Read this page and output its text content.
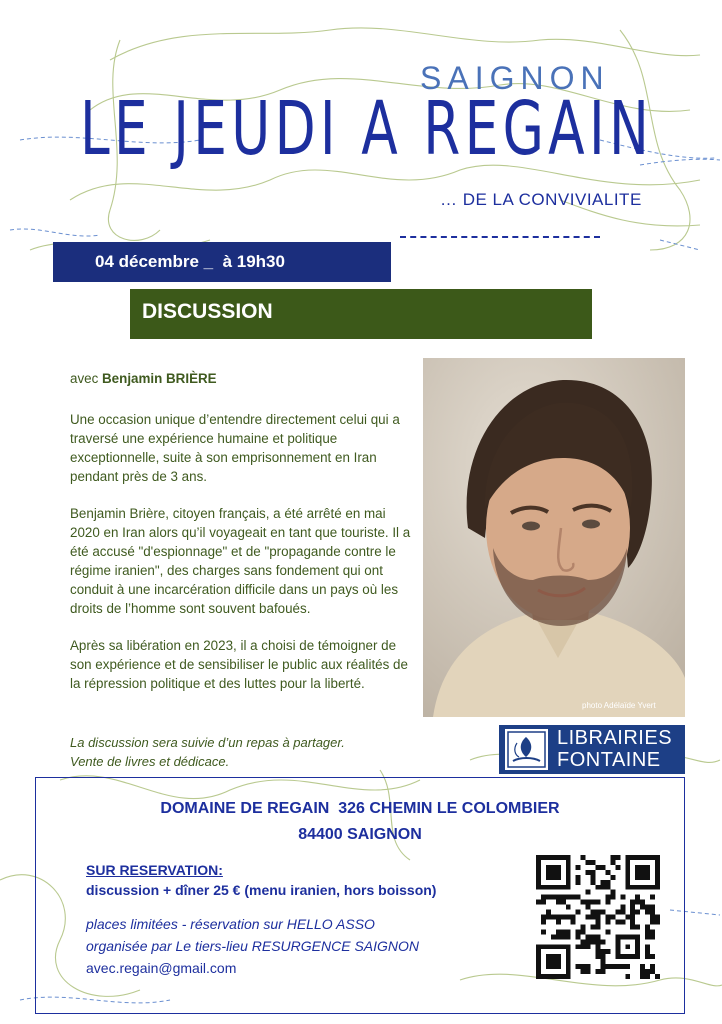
SAIGNON
LE JEUDI A REGAIN
… DE LA CONVIVIALITE
04 décembre _  à 19h30
DISCUSSION

avec Benjamin BRIÈRE

Une occasion unique d’entendre directement celui qui a traversé une expérience humaine et politique exceptionnelle, suite à son emprisonnement en Iran pendant près de 3 ans.

Benjamin Brière, citoyen français, a été arrêté en mai 2020 en Iran alors qu’il voyageait en tant que touriste. Il a été accusé "d'espionnage" et de "propagande contre le régime iranien", des charges sans fondement qui ont conduit à une incarcération difficile dans un pays où les droits de l’homme sont souvent bafoués.

Après sa libération en 2023, il a choisi de témoigner de son expérience et de sensibiliser le public aux réalités de la répression politique et des luttes pour la liberté.

La discussion sera suivie d’un repas à partager.
Vente de livres et dédicace.

photo Adélaïde Yvert
LIBRAIRIES
FONTAINE
DOMAINE DE REGAIN  326 CHEMIN LE COLOMBIER
84400 SAIGNON
SUR RESERVATION:
discussion + dîner 25 € (menu iranien, hors boisson)
places limitées - réservation sur HELLO ASSO
organisée par Le tiers-lieu RESURGENCE SAIGNON
avec.regain@gmail.com
